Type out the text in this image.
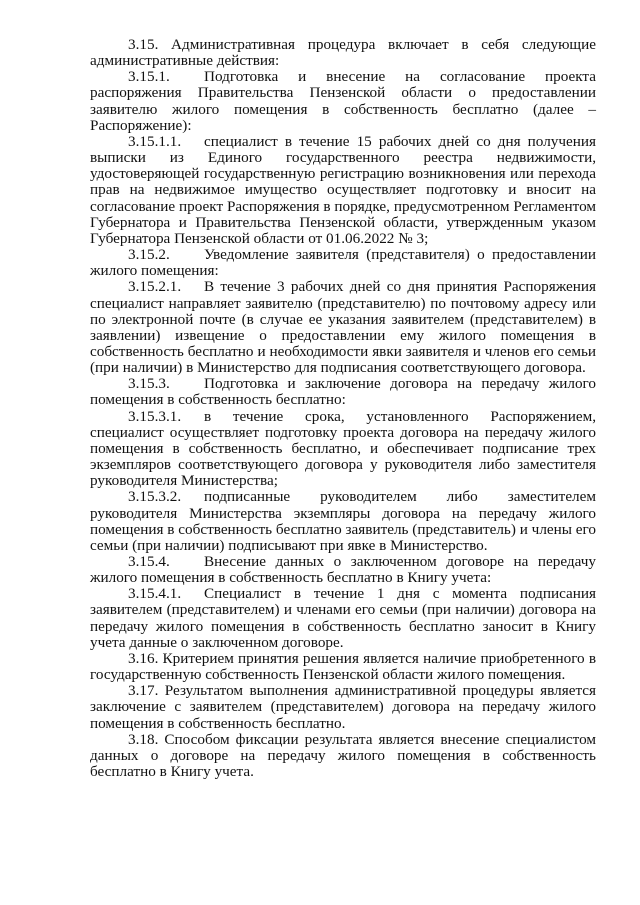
3.15. Административная процедура включает в себя следующие административные действия:

3.15.1. Подготовка и внесение на согласование проекта распоряжения Правительства Пензенской области о предоставлении заявителю жилого помещения в собственность бесплатно (далее – Распоряжение):

3.15.1.1. специалист в течение 15 рабочих дней со дня получения выписки из Единого государственного реестра недвижимости, удостоверяющей государственную регистрацию возникновения или перехода прав на недвижимое имущество осуществляет подготовку и вносит на согласование проект Распоряжения в порядке, предусмотренном Регламентом Губернатора и Правительства Пензенской области, утвержденным указом Губернатора Пензенской области от 01.06.2022 № 3;

3.15.2. Уведомление заявителя (представителя) о предоставлении жилого помещения:

3.15.2.1. В течение 3 рабочих дней со дня принятия Распоряжения специалист направляет заявителю (представителю) по почтовому адресу или по электронной почте (в случае ее указания заявителем (представителем) в заявлении) извещение о предоставлении ему жилого помещения в собственность бесплатно и необходимости явки заявителя и членов его семьи (при наличии) в Министерство для подписания соответствующего договора.

3.15.3. Подготовка и заключение договора на передачу жилого помещения в собственность бесплатно:

3.15.3.1. в течение срока, установленного Распоряжением, специалист осуществляет подготовку проекта договора на передачу жилого помещения в собственность бесплатно, и обеспечивает подписание трех экземпляров соответствующего договора у руководителя либо заместителя руководителя Министерства;

3.15.3.2. подписанные руководителем либо заместителем руководителя Министерства экземпляры договора на передачу жилого помещения в собственность бесплатно заявитель (представитель) и члены его семьи (при наличии) подписывают при явке в Министерство.

3.15.4. Внесение данных о заключенном договоре на передачу жилого помещения в собственность бесплатно в Книгу учета:

3.15.4.1. Специалист в течение 1 дня с момента подписания заявителем (представителем) и членами его семьи (при наличии) договора на передачу жилого помещения в собственность бесплатно заносит в Книгу учета данные о заключенном договоре.

3.16. Критерием принятия решения является наличие приобретенного в государственную собственность Пензенской области жилого помещения.

3.17. Результатом выполнения административной процедуры является заключение с заявителем (представителем) договора на передачу жилого помещения в собственность бесплатно.

3.18. Способом фиксации результата является внесение специалистом данных о договоре на передачу жилого помещения в собственность бесплатно в Книгу учета.
